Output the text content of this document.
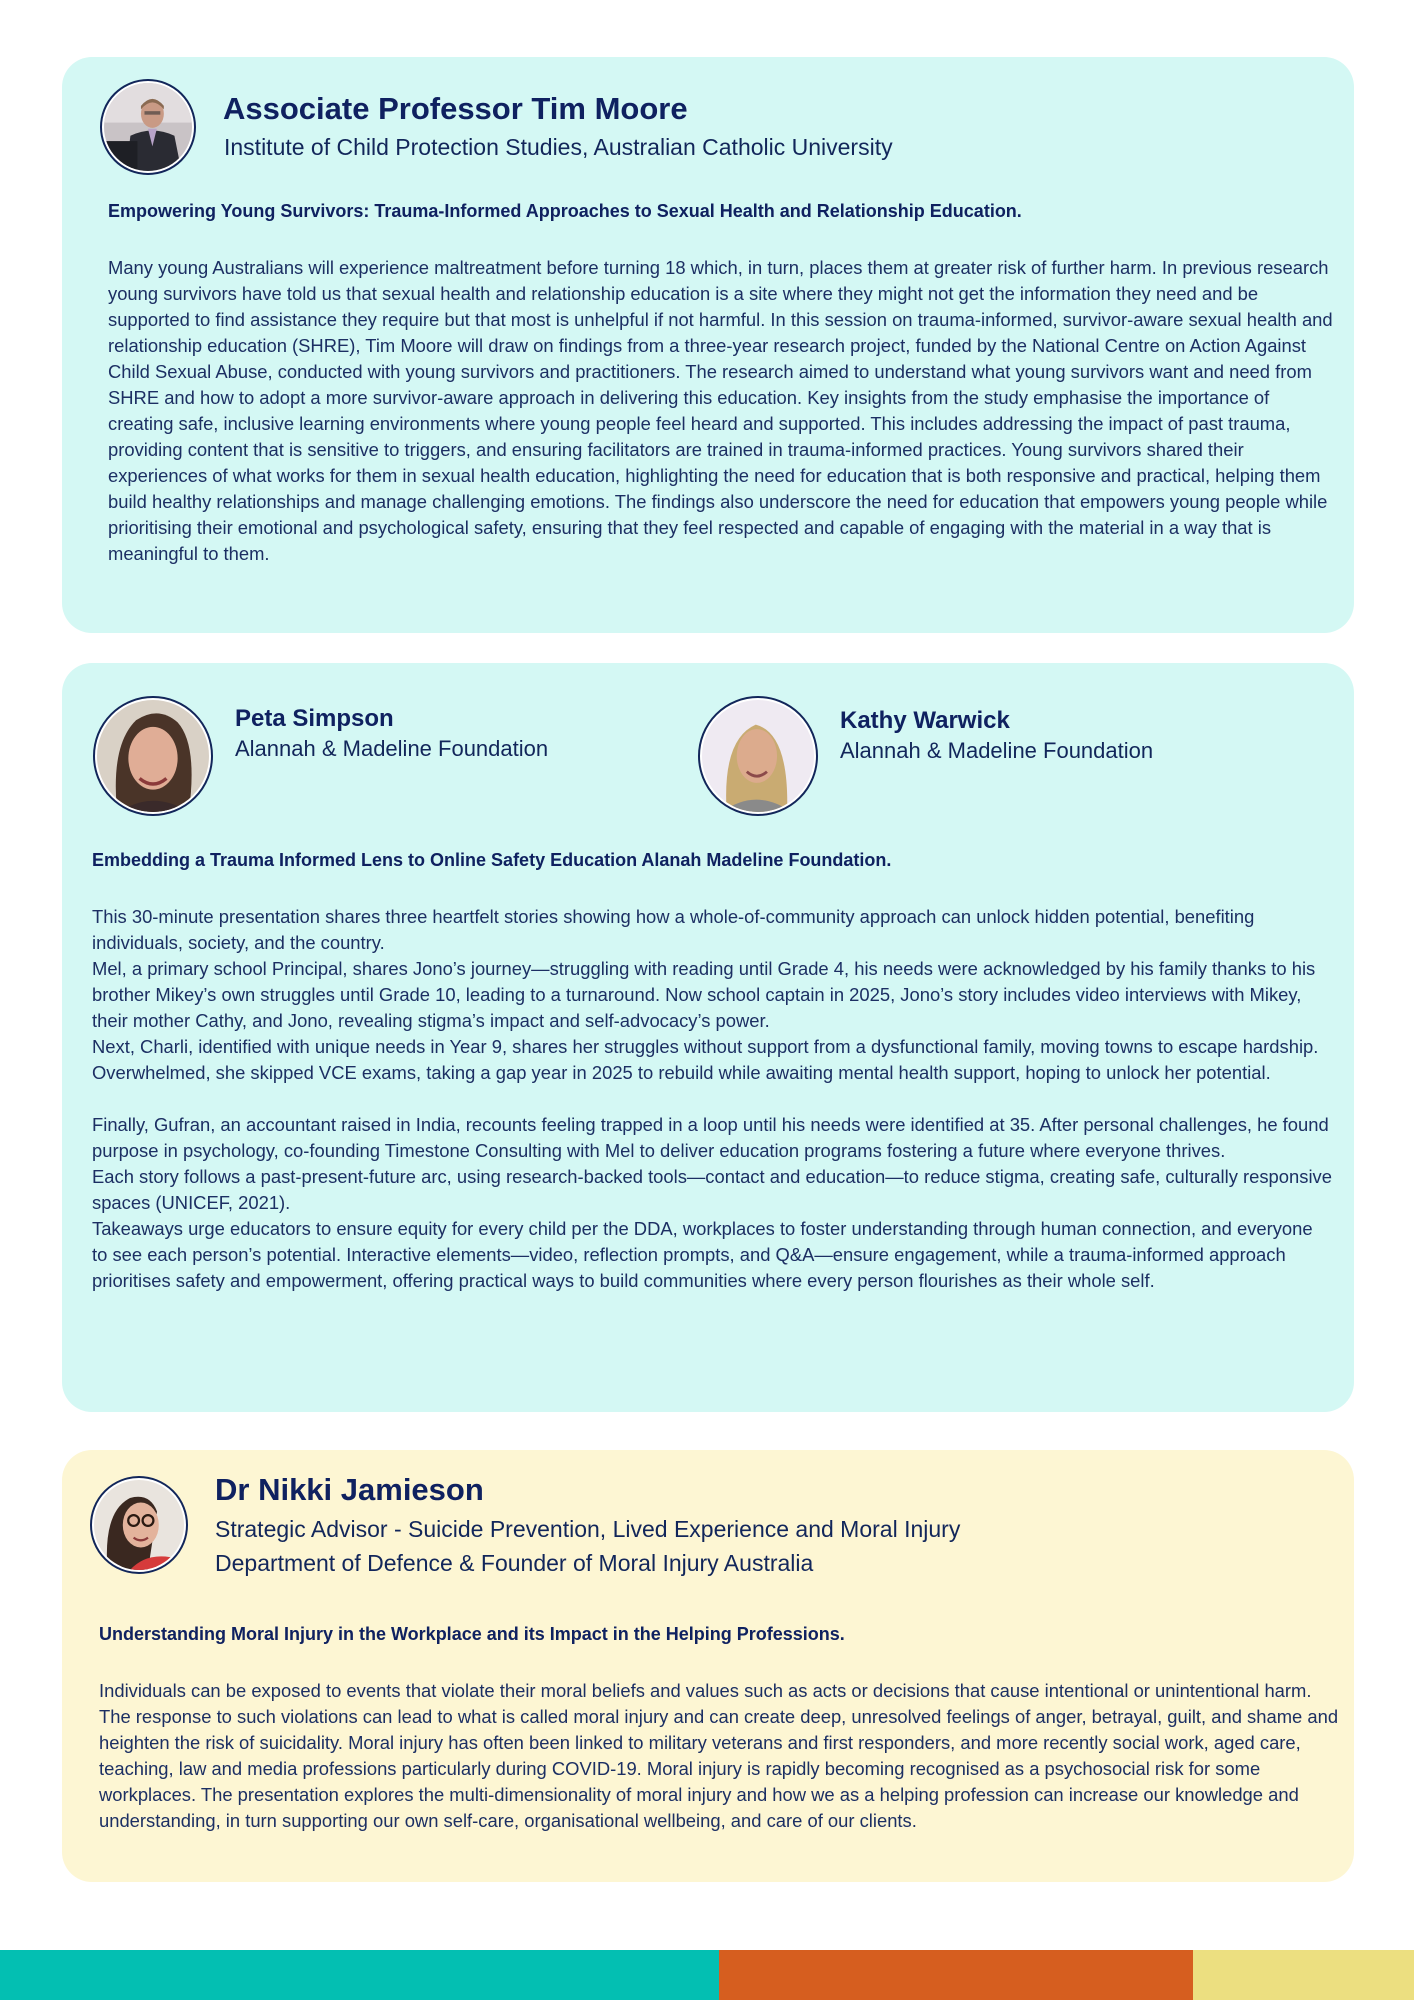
Associate Professor Tim Moore
Institute of Child Protection Studies, Australian Catholic University
Empowering Young Survivors: Trauma-Informed Approaches to Sexual Health and Relationship Education.

Many young Australians will experience maltreatment before turning 18 which, in turn, places them at greater risk of further harm. In previous research young survivors have told us that sexual health and relationship education is a site where they might not get the information they need and be supported to find assistance they require but that most is unhelpful if not harmful. In this session on trauma-informed, survivor-aware sexual health and relationship education (SHRE), Tim Moore will draw on findings from a three-year research project, funded by the National Centre on Action Against Child Sexual Abuse, conducted with young survivors and practitioners. The research aimed to understand what young survivors want and need from SHRE and how to adopt a more survivor-aware approach in delivering this education. Key insights from the study emphasise the importance of creating safe, inclusive learning environments where young people feel heard and supported. This includes addressing the impact of past trauma, providing content that is sensitive to triggers, and ensuring facilitators are trained in trauma-informed practices. Young survivors shared their experiences of what works for them in sexual health education, highlighting the need for education that is both responsive and practical, helping them build healthy relationships and manage challenging emotions. The findings also underscore the need for education that empowers young people while prioritising their emotional and psychological safety, ensuring that they feel respected and capable of engaging with the material in a way that is meaningful to them.

Peta Simpson
Alannah & Madeline Foundation
Kathy Warwick
Alannah & Madeline Foundation
Embedding a Trauma Informed Lens to Online Safety Education Alanah Madeline Foundation.

This 30-minute presentation shares three heartfelt stories showing how a whole-of-community approach can unlock hidden potential, benefiting individuals, society, and the country.

Mel, a primary school Principal, shares Jono’s journey—struggling with reading until Grade 4, his needs were acknowledged by his family thanks to his brother Mikey’s own struggles until Grade 10, leading to a turnaround. Now school captain in 2025, Jono’s story includes video interviews with Mikey, their mother Cathy, and Jono, revealing stigma’s impact and self-advocacy’s power.

Next, Charli, identified with unique needs in Year 9, shares her struggles without support from a dysfunctional family, moving towns to escape hardship. Overwhelmed, she skipped VCE exams, taking a gap year in 2025 to rebuild while awaiting mental health support, hoping to unlock her potential.

Finally, Gufran, an accountant raised in India, recounts feeling trapped in a loop until his needs were identified at 35. After personal challenges, he found purpose in psychology, co-founding Timestone Consulting with Mel to deliver education programs fostering a future where everyone thrives.

Each story follows a past-present-future arc, using research-backed tools—contact and education—to reduce stigma, creating safe, culturally responsive spaces (UNICEF, 2021).

Takeaways urge educators to ensure equity for every child per the DDA, workplaces to foster understanding through human connection, and everyone to see each person’s potential. Interactive elements—video, reflection prompts, and Q&A—ensure engagement, while a trauma-informed approach prioritises safety and empowerment, offering practical ways to build communities where every person flourishes as their whole self.

Dr Nikki Jamieson
Strategic Advisor - Suicide Prevention, Lived Experience and Moral Injury
Department of Defence & Founder of Moral Injury Australia
Understanding Moral Injury in the Workplace and its Impact in the Helping Professions.

Individuals can be exposed to events that violate their moral beliefs and values such as acts or decisions that cause intentional or unintentional harm. The response to such violations can lead to what is called moral injury and can create deep, unresolved feelings of anger, betrayal, guilt, and shame and heighten the risk of suicidality. Moral injury has often been linked to military veterans and first responders, and more recently social work, aged care, teaching, law and media professions particularly during COVID-19. Moral injury is rapidly becoming recognised as a psychosocial risk for some workplaces. The presentation explores the multi-dimensionality of moral injury and how we as a helping profession can increase our knowledge and understanding, in turn supporting our own self-care, organisational wellbeing, and care of our clients.
